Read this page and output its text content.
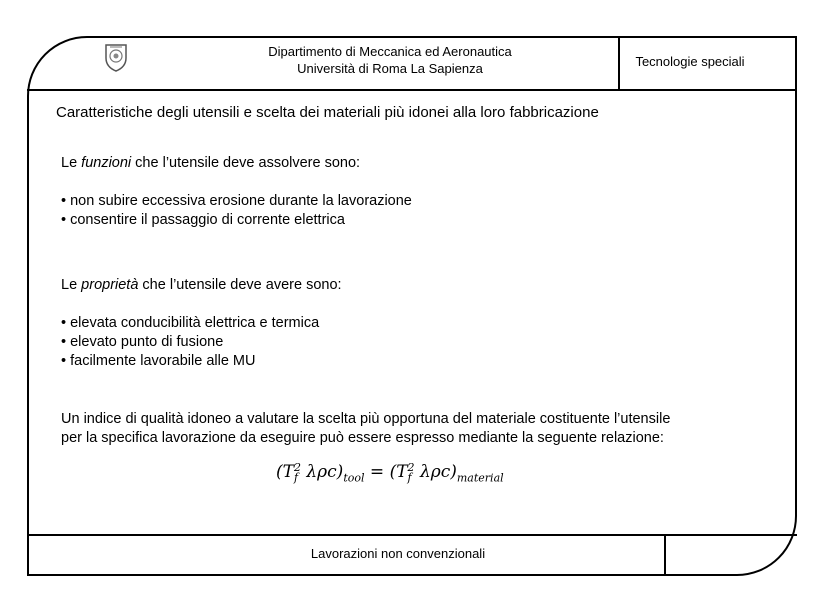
Dipartimento di Meccanica ed Aeronautica
Università di Roma La Sapienza	Tecnologie speciali
Caratteristiche degli utensili e scelta dei materiali più idonei alla loro fabbricazione

Le funzioni che l’utensile deve assolvere sono:

• non subire eccessiva erosione durante la lavorazione
• consentire il passaggio di corrente elettrica

Le proprietà che l’utensile deve avere sono:

• elevata conducibilità elettrica e termica
• elevato punto di fusione
• facilmente lavorabile alle MU

Un indice di qualità idoneo a valutare la scelta più opportuna del materiale costituente l’utensile

per la specifica lavorazione da eseguire può essere espresso mediante la seguente relazione:

(T 2
f $\lambda\rho c)_{tool} = (T$ 2
f $\lambda\rho c)_{material}$
Lavorazioni non convenzionali
